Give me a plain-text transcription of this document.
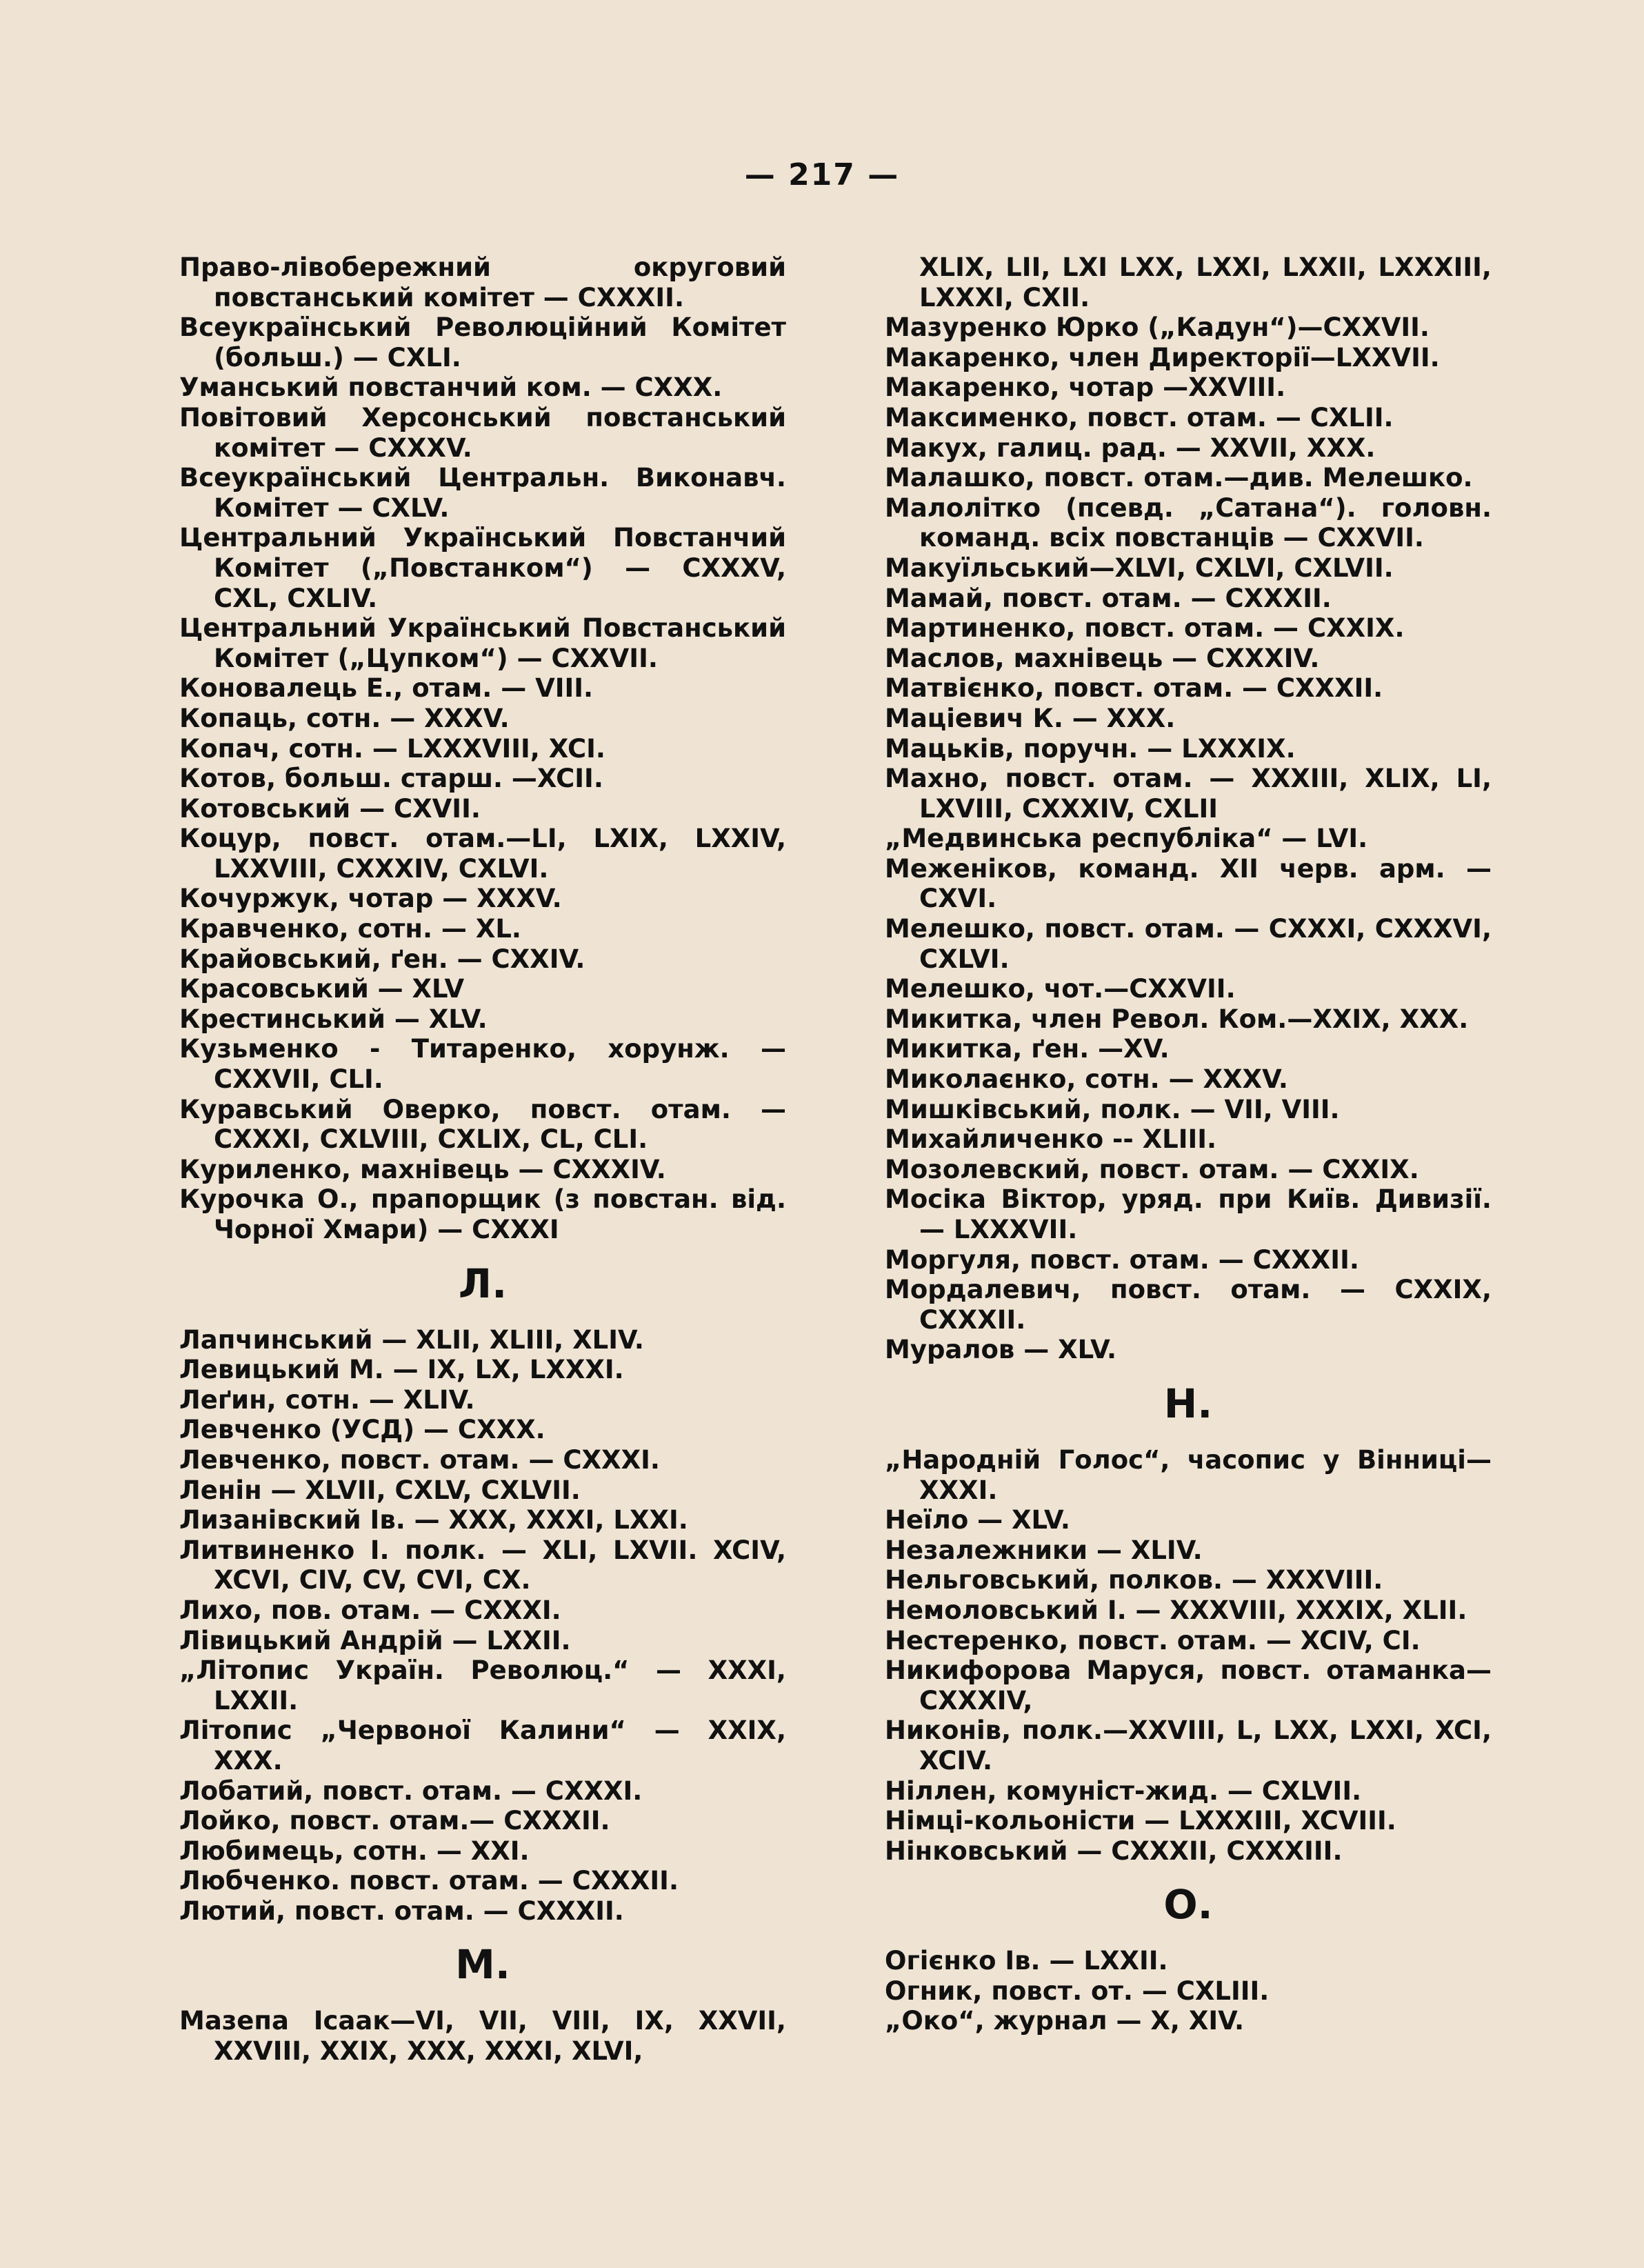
— 217 —
Право-лівобережний округовий повстанський комітет — CXXXII.
Всеукраїнський Революційний Комітет (больш.) — CXLI.
Уманський повстанчий ком. — CXXX.
Повітовий Херсонський повстанський комітет — CXXXV.
Всеукраїнський Центральн. Виконавч. Комітет — CXLV.
Центральний Український Повстанчий Комітет („Повстанком“) — CXXXV, CXL, CXLIV.
Центральний Український Повстанський Комітет („Цупком“) — CXXVII.
Коновалець Е., отам. — VIII.
Копаць, сотн. — XXXV.
Копач, сотн. — LXXXVIII, XCI.
Котов, больш. старш. —XCII.
Котовський — CXVII.
Коцур, повст. отам.—LI, LXIX, LXXIV, LXXVIII, CXXXIV, CXLVI.
Кочуржук, чотар — XXXV.
Кравченко, сотн. — XL.
Крайовський, ґен. — CXXIV.
Красовський — XLV
Крестинський — XLV.
Кузьменко - Титаренко, хорунж. — CXXVII, CLI.
Куравський Оверко, повст. отам. — CXXXI, CXLVIII, CXLIX, CL, CLI.
Куриленко, махнівець — CXXXIV.
Курочка О., прапорщик (з повстан. від. Чорної Хмари) — CXXXI
Л.
Лапчинський — XLII, XLIII, XLIV.
Левицький М. — IX, LX, LXXXI.
Леґин, сотн. — XLIV.
Левченко (УСД) — CXXX.
Левченко, повст. отам. — CXXXI.
Ленін — XLVII, CXLV, CXLVII.
Лизанівский Ів. — XXX, XXXI, LXXI.
Литвиненко І. полк. — XLI, LXVII. XCIV, XCVI, CIV, CV, CVI, CX.
Лихо, пов. отам. — CXXXI.
Лівицький Андрій — LXXII.
„Літопис Україн. Революц.“ — XXXI, LXXII.
Літопис „Червоної Калини“ — XXIX, XXX.
Лобатий, повст. отам. — CXXXI.
Лойко, повст. отам.— CXXXII.
Любимець, сотн. — XXI.
Любченко. повст. отам. — CXXXII.
Лютий, повст. отам. — CXXXII.
М.
Мазепа Ісаак—VI, VII, VIII, IX, XXVII, XXVIII, XXIX, XXX, XXXI, XLVI,
XLIX, LII, LXI LXX, LXXI, LXXII, LXXXIII, LXXXI, CXII.
Мазуренко Юрко („Кадун“)—CXXVII.
Макаренко, член Директорії—LXXVII.
Макаренко, чотар —XXVIII.
Максименко, повст. отам. — CXLII.
Макух, галиц. рад. — XXVII, XXX.
Малашко, повст. отам.—див. Мелешко.
Малолітко (псевд. „Сатана“). головн. команд. всіх повстанців — CXXVII.
Макуїльський—XLVI, CXLVI, CXLVII.
Мамай, повст. отам. — CXXXII.
Мартиненко, повст. отам. — CXXIX.
Маслов, махнівець — CXXXIV.
Матвієнко, повст. отам. — CXXXII.
Маціевич К. — XXX.
Мацьків, поручн. — LXXXIX.
Махно, повст. отам. — XXXIII, XLIX, LI, LXVIII, CXXXIV, CXLII
„Медвинська республіка“ — LVI.
Меженіков, команд. XII черв. арм. — CXVI.
Мелешко, повст. отам. — CXXXI, CXXXVI, CXLVI.
Мелешко, чот.—CXXVII.
Микитка, член Револ. Ком.—XXIX, XXX.
Микитка, ґен. —XV.
Миколаєнко, сотн. — XXXV.
Мишківський, полк. — VII, VIII.
Михайличенко -- XLIII.
Мозолевский, повст. отам. — CXXIX.
Мосіка Віктор, уряд. при Київ. Дивизії. — LXXXVII.
Моргуля, повст. отам. — CXXXII.
Мордалевич, повст. отам. — CXXIX, CXXXII.
Муралов — XLV.
Н.
„Народній Голос“, часопис у Вінниці— XXXI.
Неїло — XLV.
Незалежники — XLIV.
Нельговський, полков. — XXXVIII.
Немоловський І. — XXXVIII, XXXIX, XLII.
Нестеренко, повст. отам. — XCIV, CI.
Никифорова Маруся, повст. отаманка— CXXXIV,
Никонів, полк.—XXVIII, L, LXX, LXXI, XCI, XCIV.
Ніллен, комуніст-жид. — CXLVII.
Німці-кольоністи — LXXXIII, XCVIII.
Нінковський — CXXXII, CXXXIII.
О.
Огієнко Ів. — LXXII.
Огник, повст. от. — CXLIII.
„Око“, журнал — X, XIV.
